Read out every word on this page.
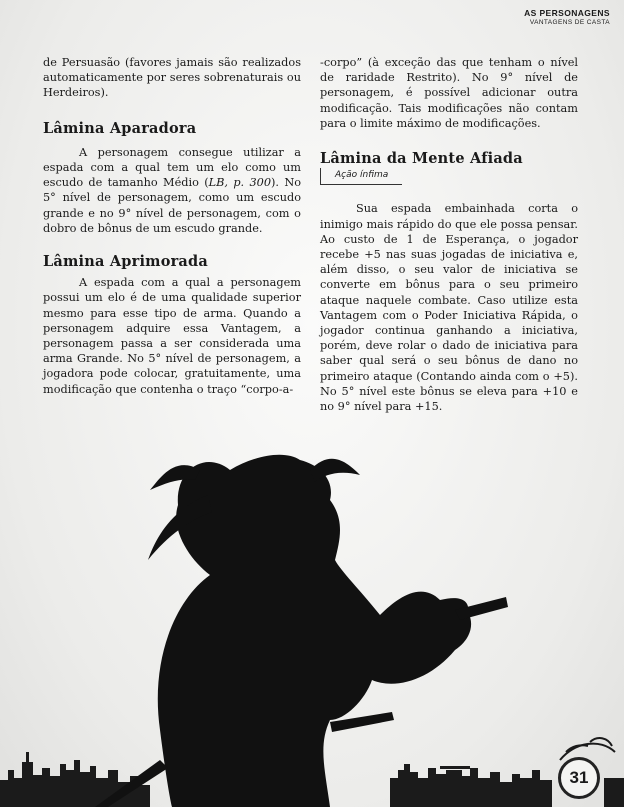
AS PERSONAGENS
VANTAGENS DE CASTA

de Persuasão (favores jamais são realizados automaticamente por seres sobrenaturais ou Herdeiros).

Lâmina Aparadora

A personagem consegue utilizar a espada com a qual tem um elo como um escudo de tamanho Médio (LB, p. 300). No 5° nível de personagem, como um escudo grande e no 9° nível de personagem, com o dobro de bônus de um escudo grande.

Lâmina Aprimorada

A espada com a qual a personagem possui um elo é de uma qualidade superior mesmo para esse tipo de arma. Quando a personagem adquire essa Vantagem, a personagem passa a ser considerada uma arma Grande. No 5° nível de personagem, a jogadora pode colocar, gratuitamente, uma modificação que contenha o traço “corpo-a-

-corpo” (à exceção das que tenham o nível de raridade Restrito). No 9° nível de personagem, é possível adicionar outra modificação. Tais modificações não contam para o limite máximo de modificações.

Lâmina da Mente Afiada
Ação ínfima

Sua espada embainhada corta o inimigo mais rápido do que ele possa pensar. Ao custo de 1 de Esperança, o jogador recebe +5 nas suas jogadas de iniciativa e, além disso, o seu valor de iniciativa se converte em bônus para o seu primeiro ataque naquele combate. Caso utilize esta Vantagem com o Poder Iniciativa Rápida, o jogador continua ganhando a iniciativa, porém, deve rolar o dado de iniciativa para saber qual será o seu bônus de dano no primeiro ataque (Contando ainda com o +5). No 5° nível este bônus se eleva para +10 e no 9° nível para +15.

31
